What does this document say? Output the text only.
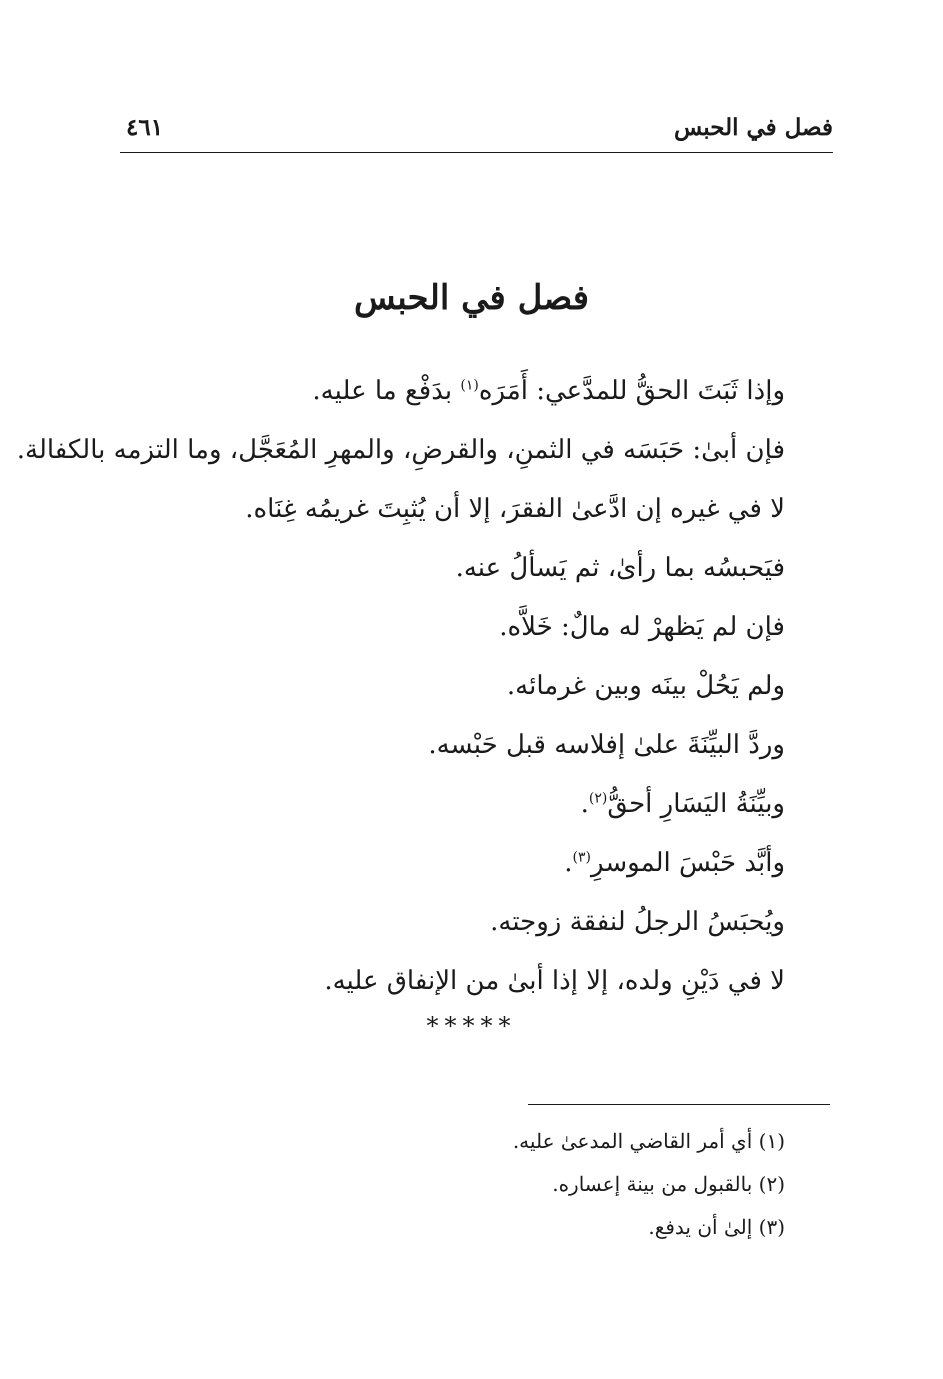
فصل في الحبس
٤٦١
فصل في الحبس
وإذا ثَبَتَ الحقُّ للمدَّعي: أَمَرَه$^{(١)}$ بدَفْع ما عليه.
فإن أبىٰ: حَبَسَه في الثمنِ، والقرضِ، والمهرِ المُعَجَّل، وما التزمه بالكفالة.
لا في غيره إن ادَّعىٰ الفقرَ، إلا أن يُثبِتَ غريمُه غِنَاه.
فيَحبسُه بما رأىٰ، ثم يَسألُ عنه.
فإن لم يَظهرْ له مالٌ: خَلاَّه.
ولم يَحُلْ بينَه وبين غرمائه.
وردَّ البيِّنَةَ علىٰ إفلاسه قبل حَبْسه.
وبيِّنَةُ اليَسَارِ أحقُّ$^{(٢)}$.
وأبَّد حَبْسَ الموسرِ$^{(٣)}$.
ويُحبَسُ الرجلُ لنفقة زوجته.
لا في دَيْنِ ولده، إلا إذا أبىٰ من الإنفاق عليه.
*****
(١) أي أمر القاضي المدعىٰ عليه.
(٢) بالقبول من بينة إعساره.
(٣) إلىٰ أن يدفع.
